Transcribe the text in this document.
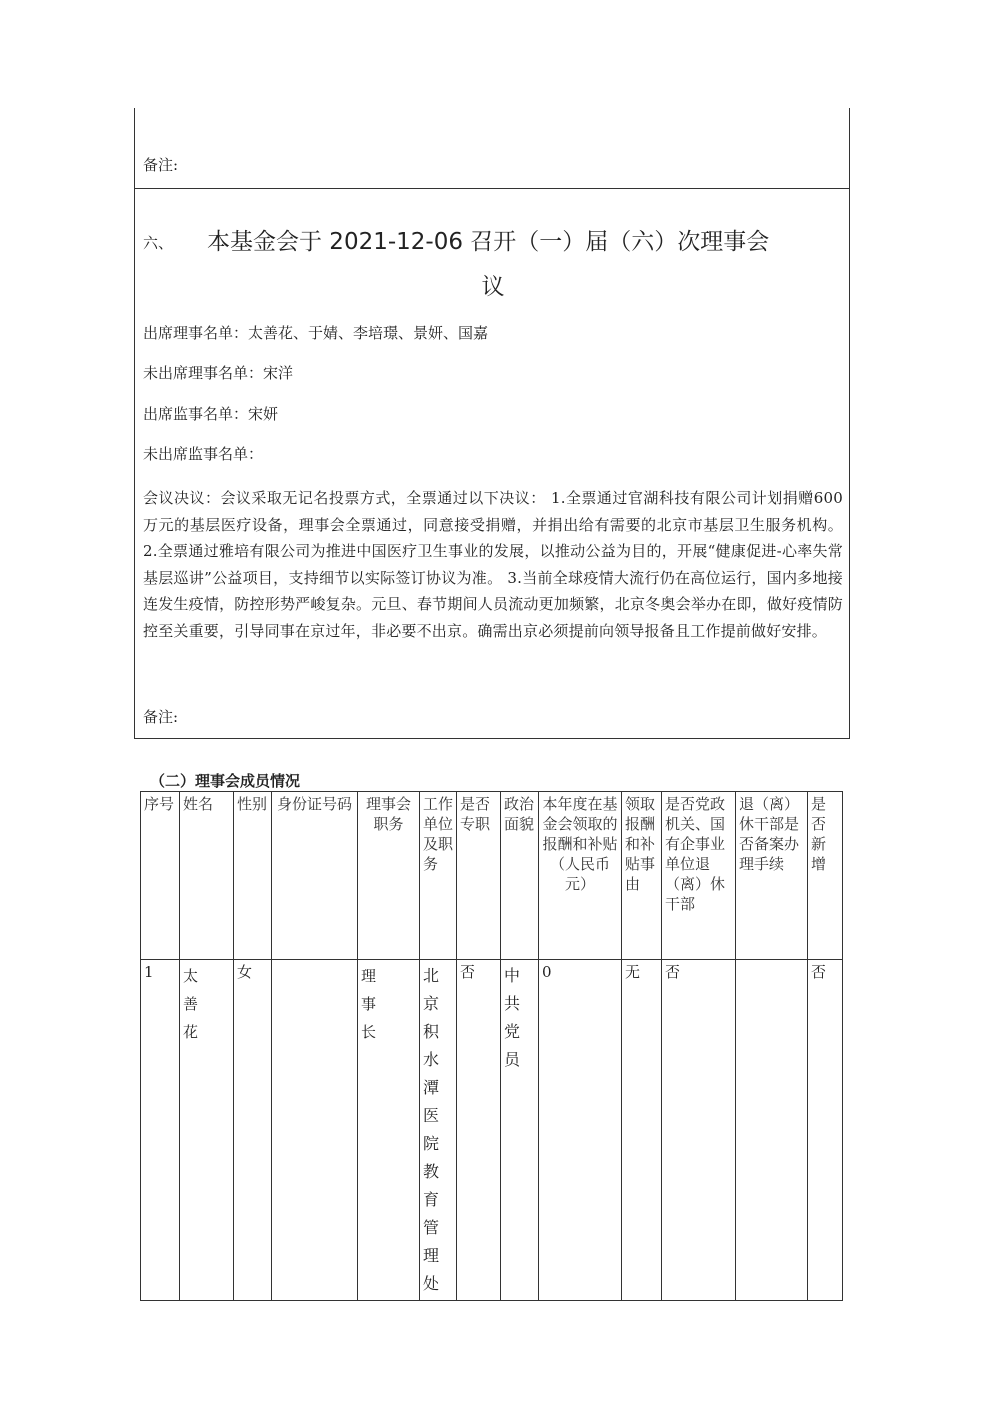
备注:
六、 本基金会于 2021-12-06 召开（一）届（六）次理事会
议
出席理事名单：太善花、于婧、李培璟、景妍、国嘉
未出席理事名单：宋洋
出席监事名单：宋妍
未出席监事名单：
会议决议：会议采取无记名投票方式，全票通过以下决议： 1.全票通过官湖科技有限公司计划捐赠600万元的基层医疗设备，理事会全票通过，同意接受捐赠，并捐出给有需要的北京市基层卫生服务机构。 2.全票通过雅培有限公司为推进中国医疗卫生事业的发展，以推动公益为目的，开展“健康促进-心率失常基层巡讲”公益项目，支持细节以实际签订协议为准。 3.当前全球疫情大流行仍在高位运行，国内多地接连发生疫情，防控形势严峻复杂。元旦、春节期间人员流动更加频繁，北京冬奥会举办在即，做好疫情防控至关重要，引导同事在京过年，非必要不出京。确需出京必须提前向领导报备且工作提前做好安排。
备注:
（二）理事会成员情况
序号	姓名	性别	身份证号码	理事会职务	工作单位及职务	是否专职	政治面貌	本年度在基金会领取的报酬和补贴（人民币元）	领取报酬和补贴事由	是否党政机关、国有企事业单位退（离）休干部	退（离）休干部是否备案办理手续	是否新增
1	太善花	女		理事长	北京积水潭医院教育管理处	否	中共党员	0	无	否		否
